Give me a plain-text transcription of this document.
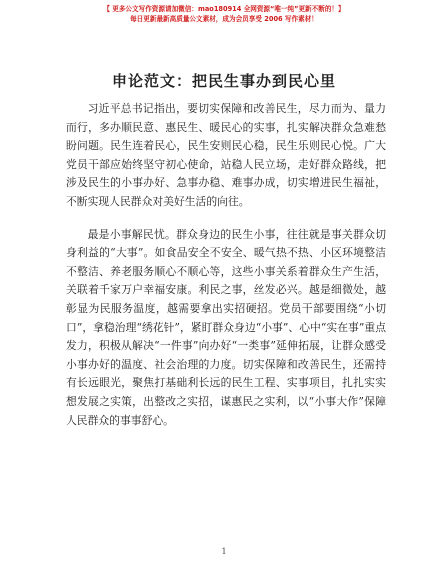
【 更多公文写作资源请加微信：mao180914 全网资源“唯一纯”更新不断的！】
每日更新最新高质量公文素材，成为会员享受 2006 写作素材！
申论范文：把民生事办到民心里

习近平总书记指出，要切实保障和改善民生，尽力而为、量力而行，多办顺民意、惠民生、暖民心的实事，扎实解决群众急难愁盼问题。民生连着民心，民生安则民心稳，民生乐则民心悦。广大党员干部应始终坚守初心使命，站稳人民立场，走好群众路线，把涉及民生的小事办好、急事办稳、难事办成，切实增进民生福祉，不断实现人民群众对美好生活的向往。

最是小事解民忧。群众身边的民生小事，往往就是事关群众切身利益的“大事”。如食品安全不安全、暖气热不热、小区环境整洁不整洁、养老服务顺心不顺心等，这些小事关系着群众生产生活，关联着千家万户幸福安康。利民之事，丝发必兴。越是细微处，越彰显为民服务温度，越需要拿出实招硬招。党员干部要围绕“小切口”，拿稳治理“绣花针”，紧盯群众身边“小事”、心中“实在事”重点发力，积极从解决“一件事”向办好“一类事”延伸拓展，让群众感受小事办好的温度、社会治理的力度。切实保障和改善民生，还需持有长远眼光，聚焦打基础利长远的民生工程、实事项目，扎扎实实想发展之实策，出整改之实招，谋惠民之实利，以“小事大作”保障人民群众的事事舒心。

1
